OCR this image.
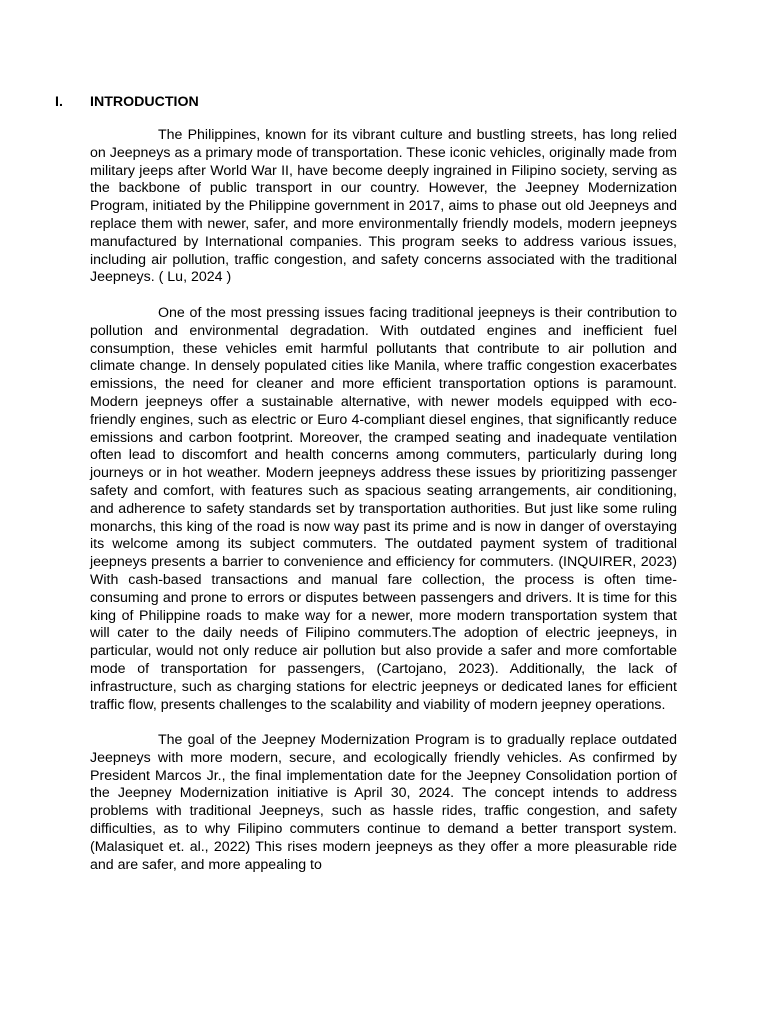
I. INTRODUCTION

The Philippines, known for its vibrant culture and bustling streets, has long relied on Jeepneys as a primary mode of transportation. These iconic vehicles, originally made from military jeeps after World War II, have become deeply ingrained in Filipino society, serving as the backbone of public transport in our country. However, the Jeepney Modernization Program, initiated by the Philippine government in 2017, aims to phase out old Jeepneys and replace them with newer, safer, and more environmentally friendly models, modern jeepneys manufactured by International companies. This program seeks to address various issues, including air pollution, traffic congestion, and safety concerns associated with the traditional Jeepneys. ( Lu, 2024 )

One of the most pressing issues facing traditional jeepneys is their contribution to pollution and environmental degradation. With outdated engines and inefficient fuel consumption, these vehicles emit harmful pollutants that contribute to air pollution and climate change. In densely populated cities like Manila, where traffic congestion exacerbates emissions, the need for cleaner and more efficient transportation options is paramount. Modern jeepneys offer a sustainable alternative, with newer models equipped with eco-friendly engines, such as electric or Euro 4-compliant diesel engines, that significantly reduce emissions and carbon footprint. Moreover, the cramped seating and inadequate ventilation often lead to discomfort and health concerns among commuters, particularly during long journeys or in hot weather. Modern jeepneys address these issues by prioritizing passenger safety and comfort, with features such as spacious seating arrangements, air conditioning, and adherence to safety standards set by transportation authorities. But just like some ruling monarchs, this king of the road is now way past its prime and is now in danger of overstaying its welcome among its subject commuters. The outdated payment system of traditional jeepneys presents a barrier to convenience and efficiency for commuters. (INQUIRER, 2023) With cash-based transactions and manual fare collection, the process is often time-consuming and prone to errors or disputes between passengers and drivers. It is time for this king of Philippine roads to make way for a newer, more modern transportation system that will cater to the daily needs of Filipino commuters.The adoption of electric jeepneys, in particular, would not only reduce air pollution but also provide a safer and more comfortable mode of transportation for passengers, (Cartojano, 2023). Additionally, the lack of infrastructure, such as charging stations for electric jeepneys or dedicated lanes for efficient traffic flow, presents challenges to the scalability and viability of modern jeepney operations.

The goal of the Jeepney Modernization Program is to gradually replace outdated Jeepneys with more modern, secure, and ecologically friendly vehicles. As confirmed by President Marcos Jr., the final implementation date for the Jeepney Consolidation portion of the Jeepney Modernization initiative is April 30, 2024. The concept intends to address problems with traditional Jeepneys, such as hassle rides, traffic congestion, and safety difficulties, as to why Filipino commuters continue to demand a better transport system. (Malasiquet et. al., 2022) This rises modern jeepneys as they offer a more pleasurable ride and are safer, and more appealing to
